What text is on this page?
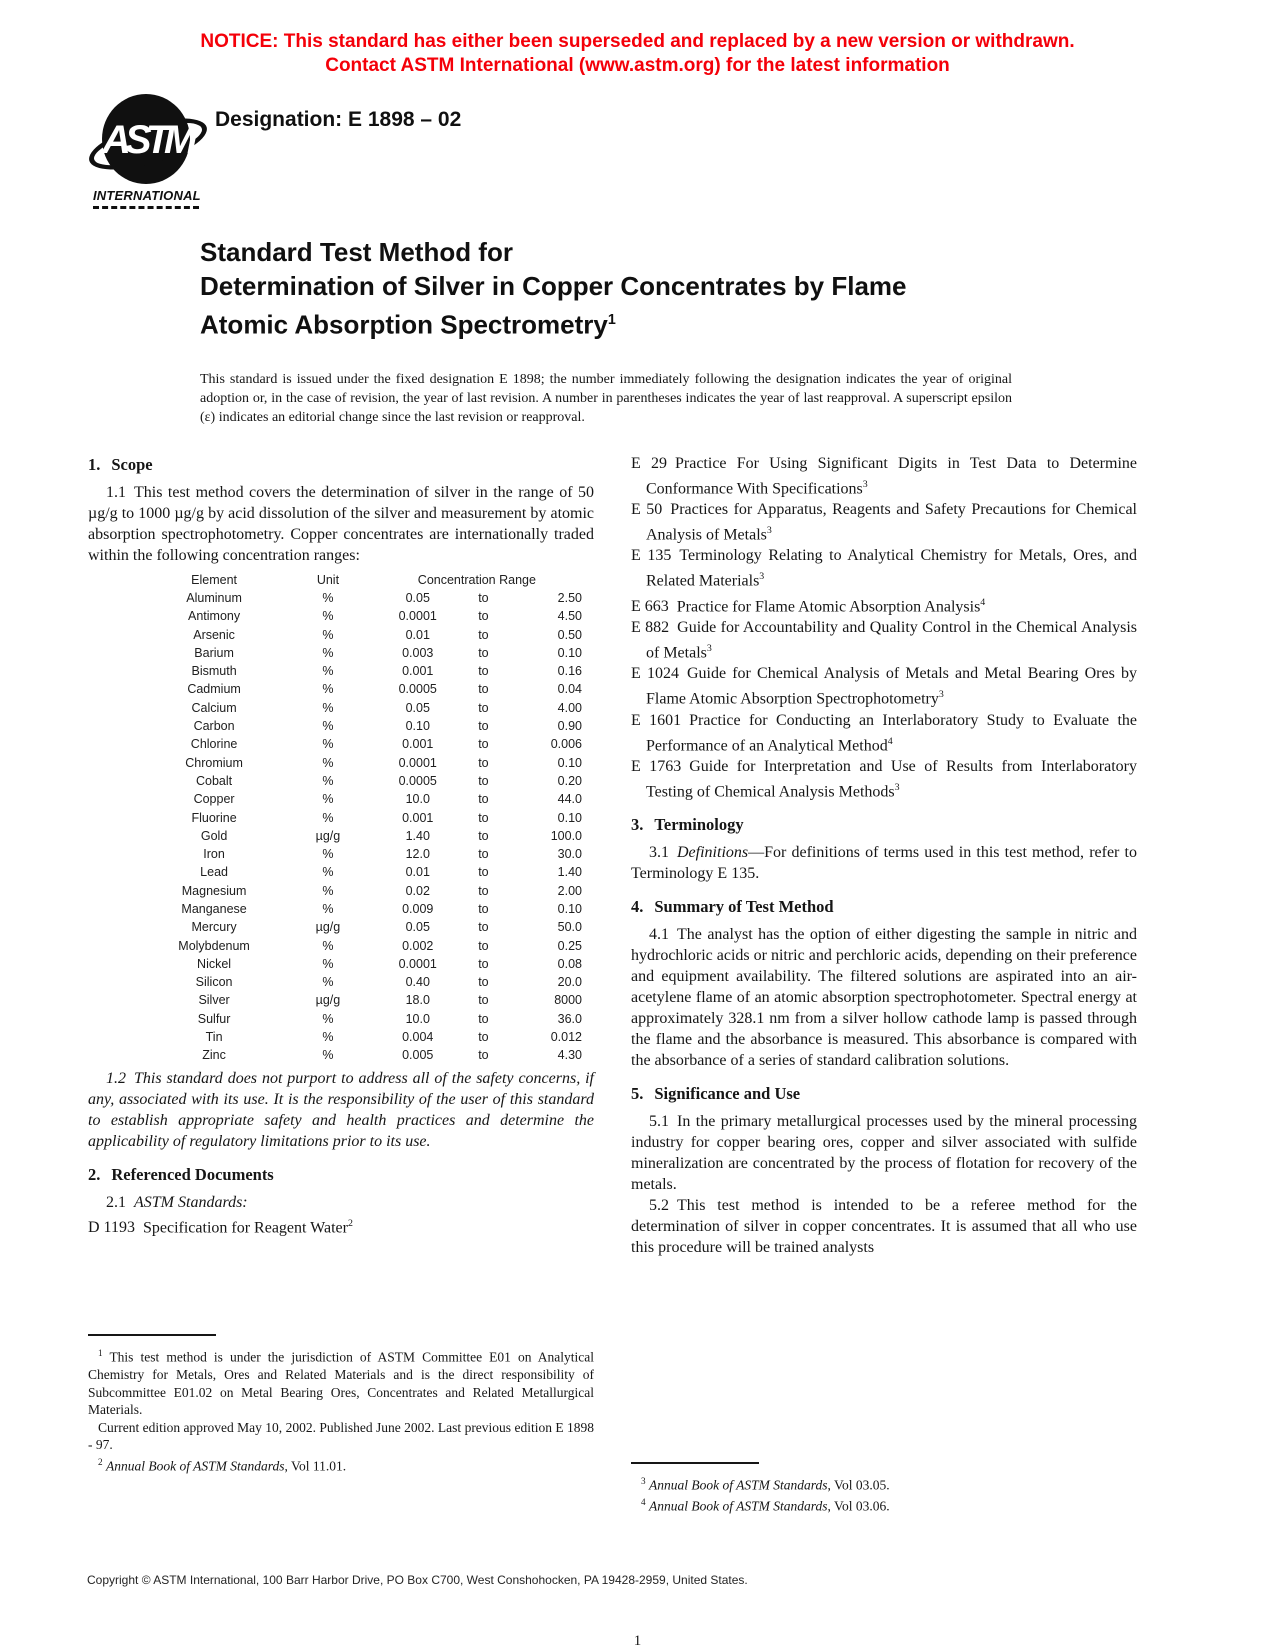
NOTICE: This standard has either been superseded and replaced by a new version or withdrawn.
Contact ASTM International (www.astm.org) for the latest information
ASTM
INTERNATIONAL
Designation: E 1898 – 02
Standard Test Method for
Determination of Silver in Copper Concentrates by Flame
Atomic Absorption Spectrometry$^1$

This standard is issued under the fixed designation E 1898; the number immediately following the designation indicates the year of original adoption or, in the case of revision, the year of last revision. A number in parentheses indicates the year of last reapproval. A superscript epsilon (ε) indicates an editorial change since the last revision or reapproval.

1. Scope

1.1 This test method covers the determination of silver in the range of 50 µg/g to 1000 µg/g by acid dissolution of the silver and measurement by atomic absorption spectrophotometry. Copper concentrates are internationally traded within the following concentration ranges:

Element	Unit	Concentration Range		
Aluminum	%	0.05	to	2.50
Antimony	%	0.0001	to	4.50
Arsenic	%	0.01	to	0.50
Barium	%	0.003	to	0.10
Bismuth	%	0.001	to	0.16
Cadmium	%	0.0005	to	0.04
Calcium	%	0.05	to	4.00
Carbon	%	0.10	to	0.90
Chlorine	%	0.001	to	0.006
Chromium	%	0.0001	to	0.10
Cobalt	%	0.0005	to	0.20
Copper	%	10.0	to	44.0
Fluorine	%	0.001	to	0.10
Gold	µg/g	1.40	to	100.0
Iron	%	12.0	to	30.0
Lead	%	0.01	to	1.40
Magnesium	%	0.02	to	2.00
Manganese	%	0.009	to	0.10
Mercury	µg/g	0.05	to	50.0
Molybdenum	%	0.002	to	0.25
Nickel	%	0.0001	to	0.08
Silicon	%	0.40	to	20.0
Silver	µg/g	18.0	to	8000
Sulfur	%	10.0	to	36.0
Tin	%	0.004	to	0.012
Zinc	%	0.005	to	4.30

1.2 This standard does not purport to address all of the safety concerns, if any, associated with its use. It is the responsibility of the user of this standard to establish appropriate safety and health practices and determine the applicability of regulatory limitations prior to its use.

2. Referenced Documents

2.1 ASTM Standards:

D 1193 Specification for Reagent Water$^2$

$^1$ This test method is under the jurisdiction of ASTM Committee E01 on Analytical Chemistry for Metals, Ores and Related Materials and is the direct responsibility of Subcommittee E01.02 on Metal Bearing Ores, Concentrates and Related Metallurgical Materials.

Current edition approved May 10, 2002. Published June 2002. Last previous edition E 1898 - 97.

$^2$ Annual Book of ASTM Standards, Vol 11.01.

E 29 Practice For Using Significant Digits in Test Data to Determine Conformance With Specifications$^3$

E 50 Practices for Apparatus, Reagents and Safety Precautions for Chemical Analysis of Metals$^3$

E 135 Terminology Relating to Analytical Chemistry for Metals, Ores, and Related Materials$^3$

E 663 Practice for Flame Atomic Absorption Analysis$^4$

E 882 Guide for Accountability and Quality Control in the Chemical Analysis of Metals$^3$

E 1024 Guide for Chemical Analysis of Metals and Metal Bearing Ores by Flame Atomic Absorption Spectrophotometry$^3$

E 1601 Practice for Conducting an Interlaboratory Study to Evaluate the Performance of an Analytical Method$^4$

E 1763 Guide for Interpretation and Use of Results from Interlaboratory Testing of Chemical Analysis Methods$^3$

3. Terminology

3.1 Definitions—For definitions of terms used in this test method, refer to Terminology E 135.

4. Summary of Test Method

4.1 The analyst has the option of either digesting the sample in nitric and hydrochloric acids or nitric and perchloric acids, depending on their preference and equipment availability. The filtered solutions are aspirated into an air-acetylene flame of an atomic absorption spectrophotometer. Spectral energy at approximately 328.1 nm from a silver hollow cathode lamp is passed through the flame and the absorbance is measured. This absorbance is compared with the absorbance of a series of standard calibration solutions.

5. Significance and Use

5.1 In the primary metallurgical processes used by the mineral processing industry for copper bearing ores, copper and silver associated with sulfide mineralization are concentrated by the process of flotation for recovery of the metals.

5.2 This test method is intended to be a referee method for the determination of silver in copper concentrates. It is assumed that all who use this procedure will be trained analysts

$^3$ Annual Book of ASTM Standards, Vol 03.05.

$^4$ Annual Book of ASTM Standards, Vol 03.06.

Copyright © ASTM International, 100 Barr Harbor Drive, PO Box C700, West Conshohocken, PA 19428-2959, United States.
1
